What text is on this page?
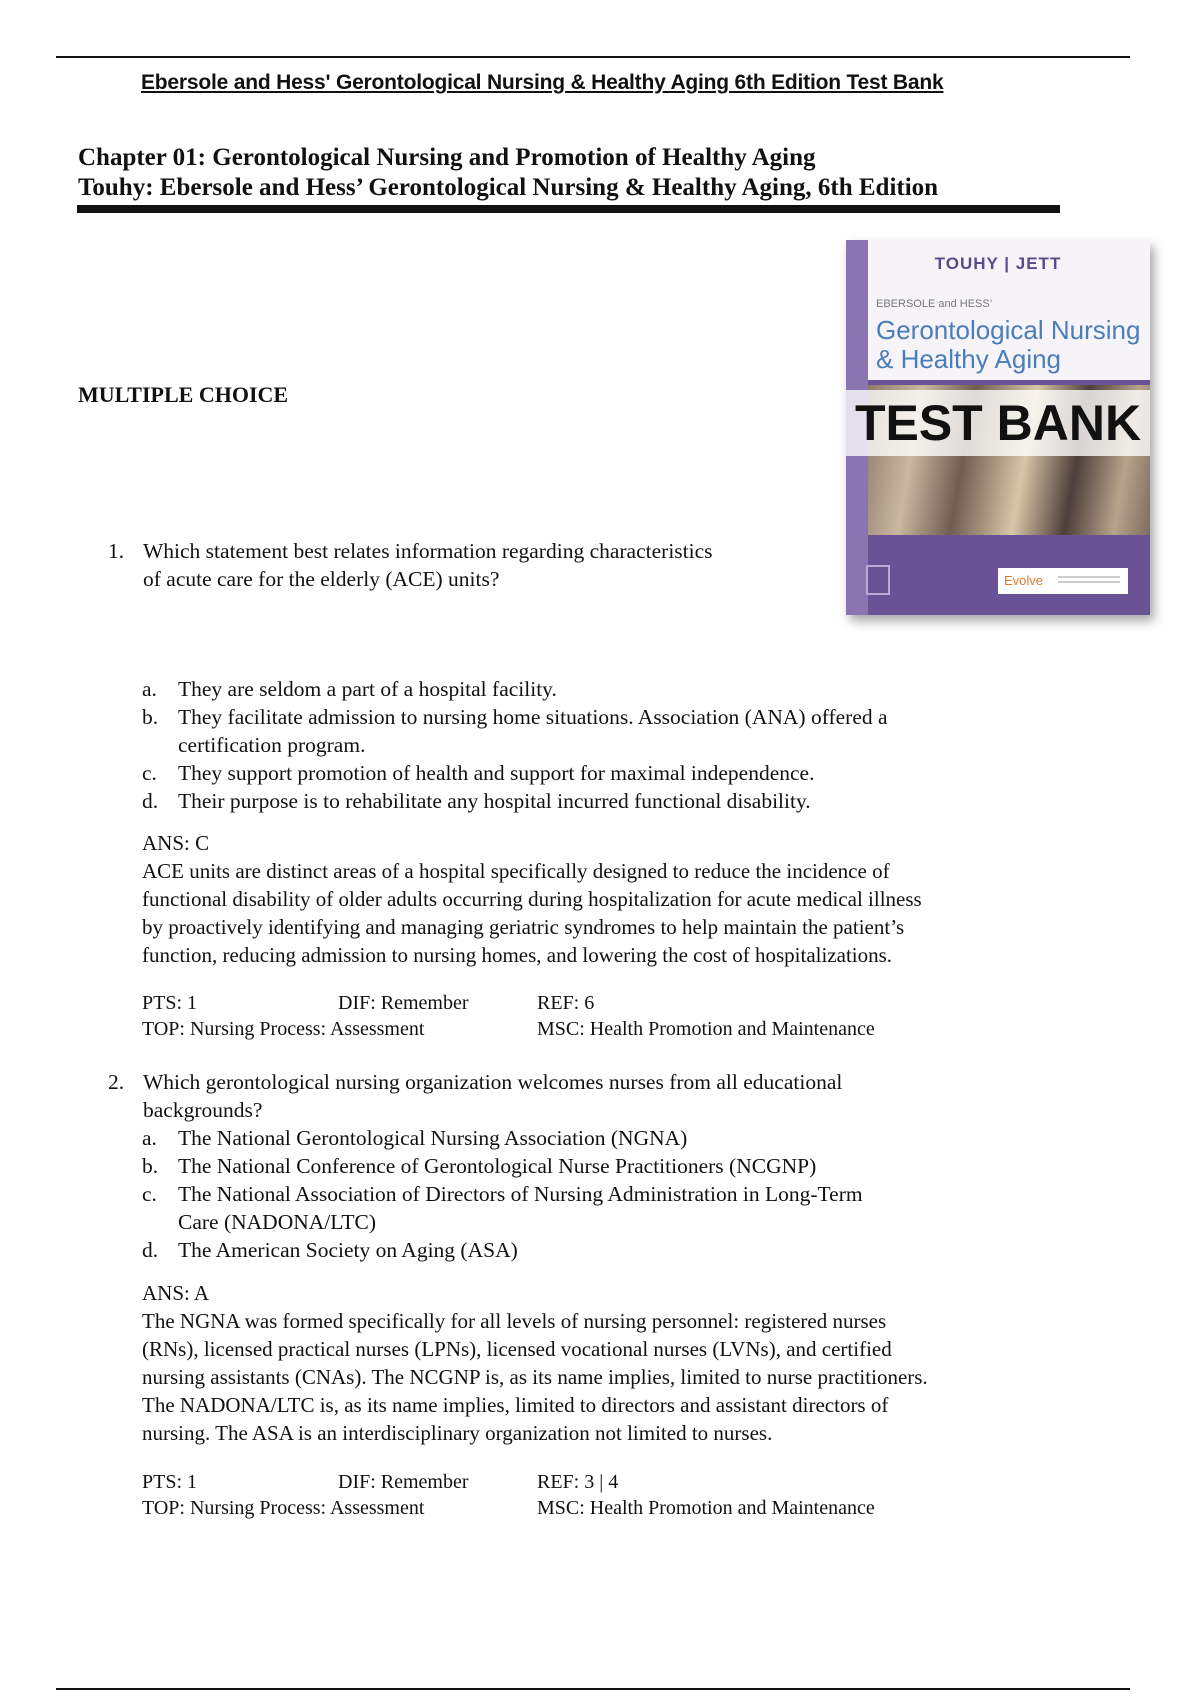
Ebersole and Hess' Gerontological Nursing & Healthy Aging 6th Edition Test Bank
Chapter 01: Gerontological Nursing and Promotion of Healthy Aging
Touhy: Ebersole and Hess’ Gerontological Nursing & Healthy Aging, 6th Edition
MULTIPLE CHOICE
TOUHY | JETT
EBERSOLE and HESS’
Gerontological Nursing
& Healthy Aging
TEST BANK
Evolve
1. Which statement best relates information regarding characteristics
of acute care for the elderly (ACE) units?
a. They are seldom a part of a hospital facility.
b. They facilitate admission to nursing home situations. Association (ANA) offered a
certification program.
c. They support promotion of health and support for maximal independence.
d. Their purpose is to rehabilitate any hospital incurred functional disability.
ANS: C
ACE units are distinct areas of a hospital specifically designed to reduce the incidence of
functional disability of older adults occurring during hospitalization for acute medical illness
by proactively identifying and managing geriatric syndromes to help maintain the patient’s
function, reducing admission to nursing homes, and lowering the cost of hospitalizations.
PTS: 1	DIF: Remember	REF: 6
TOP: Nursing Process: Assessment	MSC: Health Promotion and Maintenance
2. Which gerontological nursing organization welcomes nurses from all educational
backgrounds?
a. The National Gerontological Nursing Association (NGNA)
b. The National Conference of Gerontological Nurse Practitioners (NCGNP)
c. The National Association of Directors of Nursing Administration in Long-Term
Care (NADONA/LTC)
d. The American Society on Aging (ASA)
ANS: A
The NGNA was formed specifically for all levels of nursing personnel: registered nurses
(RNs), licensed practical nurses (LPNs), licensed vocational nurses (LVNs), and certified
nursing assistants (CNAs). The NCGNP is, as its name implies, limited to nurse practitioners.
The NADONA/LTC is, as its name implies, limited to directors and assistant directors of
nursing. The ASA is an interdisciplinary organization not limited to nurses.
PTS: 1	DIF: Remember	REF: 3 | 4
TOP: Nursing Process: Assessment	MSC: Health Promotion and Maintenance
